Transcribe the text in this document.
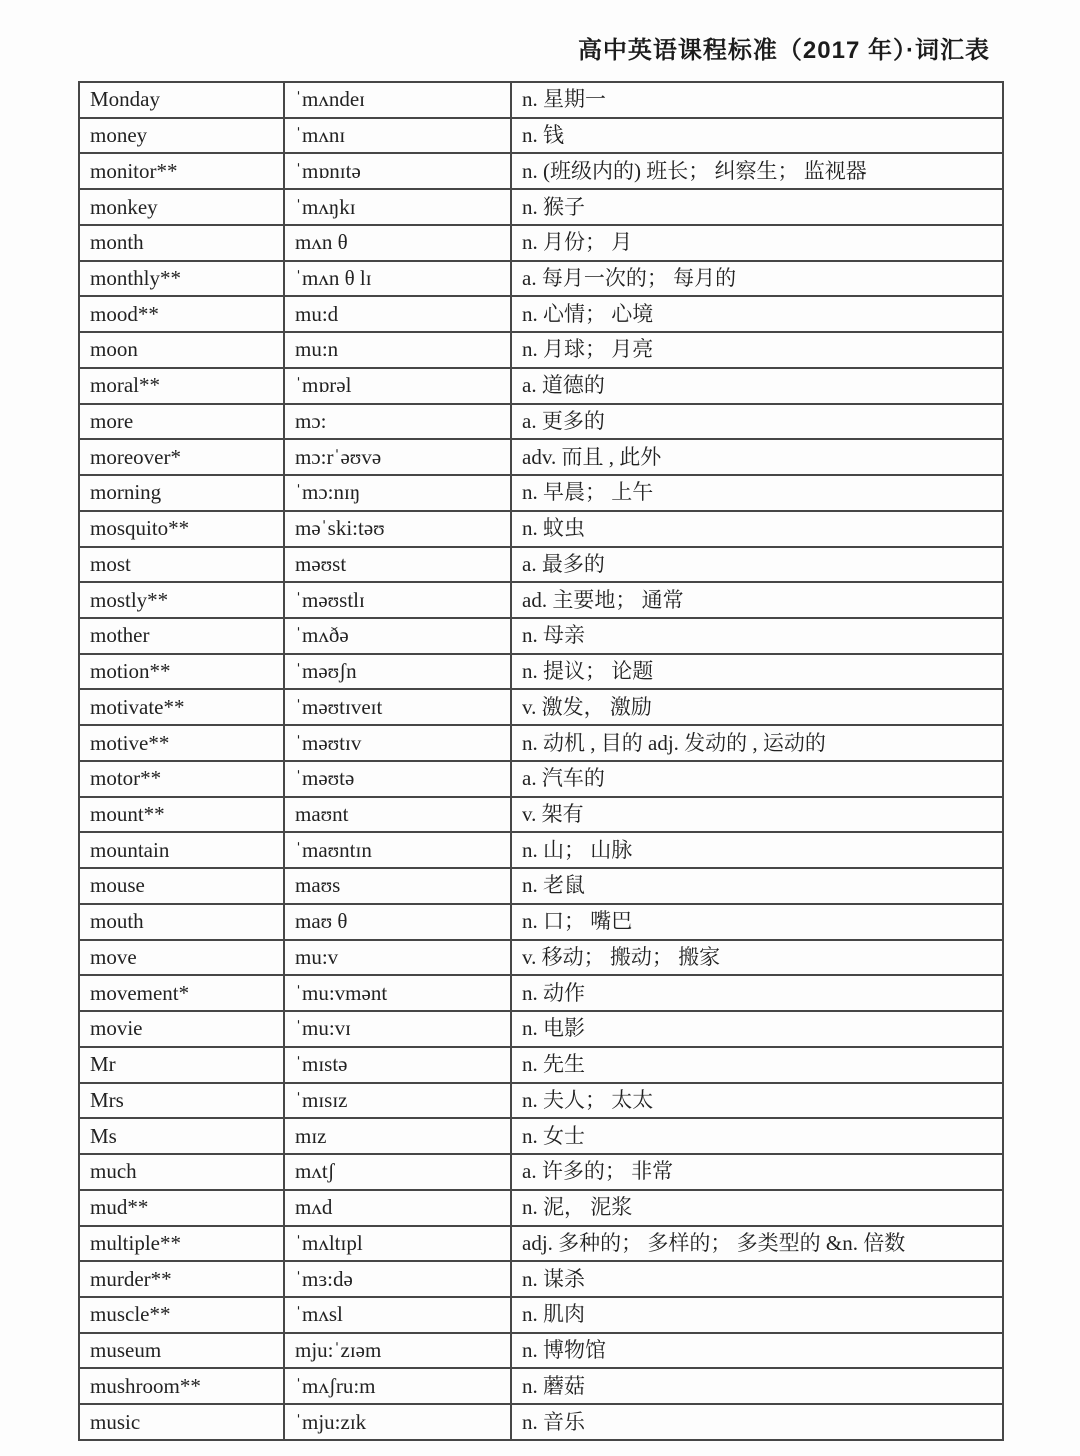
高中英语课程标准（2017 年）·词汇表
Monday	ˈmʌndeɪ	n. 星期一
money	ˈmʌnɪ	n. 钱
monitor**	ˈmɒnɪtə	n. (班级内的) 班长； 纠察生； 监视器
monkey	ˈmʌŋkɪ	n. 猴子
month	mʌn θ	n. 月份； 月
monthly**	ˈmʌn θ lɪ	a. 每月一次的； 每月的
mood**	mu:d	n. 心情； 心境
moon	mu:n	n. 月球； 月亮
moral**	ˈmɒrəl	a. 道德的
more	mɔ:	a. 更多的
moreover*	mɔ:rˈəʊvə	adv. 而且 , 此外
morning	ˈmɔ:nɪŋ	n. 早晨； 上午
mosquito**	məˈski:təʊ	n. 蚊虫
most	məʊst	a. 最多的
mostly**	ˈməʊstlɪ	ad. 主要地； 通常
mother	ˈmʌðə	n. 母亲
motion**	ˈməʊʃn	n. 提议； 论题
motivate**	ˈməʊtɪveɪt	v. 激发， 激励
motive**	ˈməʊtɪv	n. 动机 , 目的 adj. 发动的 , 运动的
motor**	ˈməʊtə	a. 汽车的
mount**	maʊnt	v. 架有
mountain	ˈmaʊntɪn	n. 山； 山脉
mouse	maʊs	n. 老鼠
mouth	maʊ θ	n. 口； 嘴巴
move	mu:v	v. 移动； 搬动； 搬家
movement*	ˈmu:vmənt	n. 动作
movie	ˈmu:vɪ	n. 电影
Mr	ˈmɪstə	n. 先生
Mrs	ˈmɪsɪz	n. 夫人； 太太
Ms	mɪz	n. 女士
much	mʌtʃ	a. 许多的； 非常
mud**	mʌd	n. 泥， 泥浆
multiple**	ˈmʌltɪpl	adj. 多种的； 多样的； 多类型的 &n. 倍数
murder**	ˈmɜ:də	n. 谋杀
muscle**	ˈmʌsl	n. 肌肉
museum	mju:ˈzɪəm	n. 博物馆
mushroom**	ˈmʌʃru:m	n. 蘑菇
music	ˈmju:zɪk	n. 音乐
